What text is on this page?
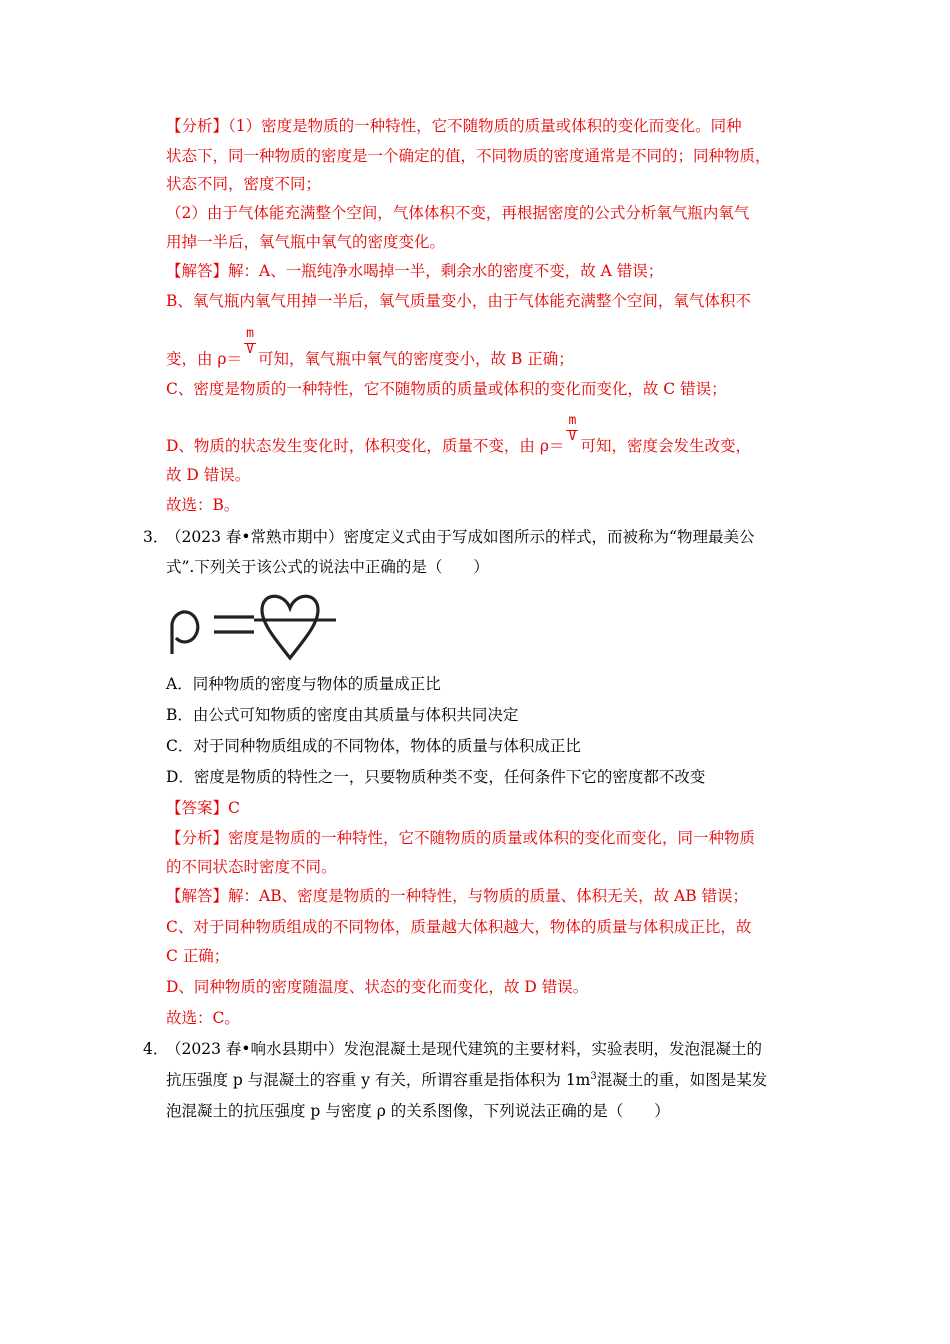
【分析】（1）密度是物质的一种特性，它不随物质的质量或体积的变化而变化。同种
状态下，同一种物质的密度是一个确定的值，不同物质的密度通常是不同的；同种物质，
状态不同，密度不同；
（2）由于气体能充满整个空间，气体体积不变，再根据密度的公式分析氧气瓶内氧气
用掉一半后，氧气瓶中氧气的密度变化。
【解答】解：A、一瓶纯净水喝掉一半，剩余水的密度不变，故 A 错误；
B、氧气瓶内氧气用掉一半后，氧气质量变小，由于气体能充满整个空间，氧气体积不
变，由 $\rho= \frac{m}{V}$ 可知，氧气瓶中氧气的密度变小，故 B 正确；
C、密度是物质的一种特性，它不随物质的质量或体积的变化而变化，故 C 错误；
D、物质的状态发生变化时，体积变化，质量不变，由 $\rho= \frac{m}{V}$ 可知，密度会发生改变，
故 D 错误。
故选：B。
3．
（2023 春•常熟市期中）密度定义式由于写成如图所示的样式，而被称为“物理最美公
式”.下列关于该公式的说法中正确的是（　　）
A．同种物质的密度与物体的质量成正比
B．由公式可知物质的密度由其质量与体积共同决定
C．对于同种物质组成的不同物体，物体的质量与体积成正比
D．密度是物质的特性之一，只要物质种类不变，任何条件下它的密度都不改变
【答案】C
【分析】密度是物质的一种特性，它不随物质的质量或体积的变化而变化，同一种物质
的不同状态时密度不同。
【解答】解：AB、密度是物质的一种特性，与物质的质量、体积无关，故 AB 错误；
C、对于同种物质组成的不同物体，质量越大体积越大，物体的质量与体积成正比，故
C 正确；
D、同种物质的密度随温度、状态的变化而变化，故 D 错误。
故选：C。
4．
（2023 春•响水县期中）发泡混凝土是现代建筑的主要材料，实验表明，发泡混凝土的
抗压强度 p 与混凝土的容重 y 有关，所谓容重是指体积为 $1m^3$混凝土的重，如图是某发
泡混凝土的抗压强度 p 与密度 ρ 的关系图像，下列说法正确的是（　　）
